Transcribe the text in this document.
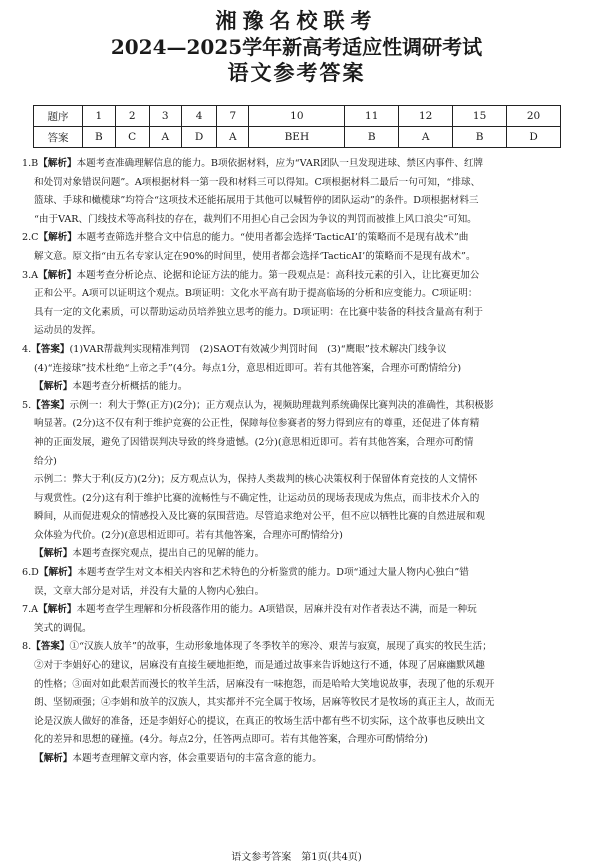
湘豫名校联考
2024—2025学年新高考适应性调研考试
语文参考答案
题序	1	2	3	4	7	10	11	12	15	20
答案	B	C	A	D	A	BEH	B	A	B	D

1.B【解析】本题考查准确理解信息的能力。B项依据材料，应为“VAR团队一旦发现进球、禁区内事件、红牌

和处罚对象错误问题”。A项根据材料一第一段和材料三可以得知。C项根据材料二最后一句可知，“排球、

篮球、手球和橄榄球”均符合“这项技术还能拓展用于其他可以喊暂停的团队运动”的条件。D项根据材料三

“由于VAR、门线技术等高科技的存在，裁判们不用担心自己会因为争议的判罚而被推上风口浪尖”可知。

2.C【解析】本题考查筛选并整合文中信息的能力。“使用者都会选择‘TacticAI’的策略而不是现有战术”曲

解文意。原文指“由五名专家认定在90%的时间里，使用者都会选择‘TacticAI’的策略而不是现有战术”。

3.A【解析】本题考查分析论点、论据和论证方法的能力。第一段观点是：高科技元素的引入，让比赛更加公

正和公平。A项可以证明这个观点。B项证明：文化水平高有助于提高临场的分析和应变能力。C项证明：

具有一定的文化素质，可以帮助运动员培养独立思考的能力。D项证明：在比赛中装备的科技含量高有利于

运动员的发挥。

4.【答案】(1)VAR帮裁判实现精准判罚　(2)SAOT有效减少判罚时间　(3)“鹰眼”技术解决门线争议

(4)“连接球”技术杜绝“上帝之手”(4分。每点1分，意思相近即可。若有其他答案，合理亦可酌情给分)

【解析】本题考查分析概括的能力。

5.【答案】示例一：利大于弊(正方)(2分)；正方观点认为，视频助理裁判系统确保比赛判决的准确性，其积极影

响显著。(2分)这不仅有利于维护竞赛的公正性，保障每位参赛者的努力得到应有的尊重，还促进了体育精

神的正面发展，避免了因错误判决导致的终身遗憾。(2分)(意思相近即可。若有其他答案，合理亦可酌情

给分)

示例二：弊大于利(反方)(2分)；反方观点认为，保持人类裁判的核心决策权利于保留体育竞技的人文情怀

与观赏性。(2分)这有利于维护比赛的流畅性与不确定性，让运动员的现场表现成为焦点，而非技术介入的

瞬间，从而促进观众的情感投入及比赛的氛围营造。尽管追求绝对公平，但不应以牺牲比赛的自然进展和观

众体验为代价。(2分)(意思相近即可。若有其他答案，合理亦可酌情给分)

【解析】本题考查探究观点，提出自己的见解的能力。

6.D【解析】本题考查学生对文本相关内容和艺术特色的分析鉴赏的能力。D项“通过大量人物内心独白”错

误，文章大部分是对话，并没有大量的人物内心独白。

7.A【解析】本题考查学生理解和分析段落作用的能力。A项错误，居麻并没有对作者表达不满，而是一种玩

笑式的调侃。

8.【答案】①“汉族人放羊”的故事，生动形象地体现了冬季牧羊的寒冷、艰苦与寂寞，展现了真实的牧民生活；

②对于李娟好心的建议，居麻没有直接生硬地拒绝，而是通过故事来告诉她这行不通，体现了居麻幽默风趣

的性格；③面对如此艰苦而漫长的牧羊生活，居麻没有一味抱怨，而是哈哈大笑地说故事，表现了他的乐观开

朗、坚韧顽强；④李娟和放羊的汉族人，其实都并不完全属于牧场，居麻等牧民才是牧场的真正主人，故而无

论是汉族人做好的准备，还是李娟好心的提议，在真正的牧场生活中都有些不切实际，这个故事也反映出文

化的差异和思想的碰撞。(4分。每点2分，任答两点即可。若有其他答案，合理亦可酌情给分)

【解析】本题考查理解文章内容，体会重要语句的丰富含意的能力。

语文参考答案　第1页(共4页)
